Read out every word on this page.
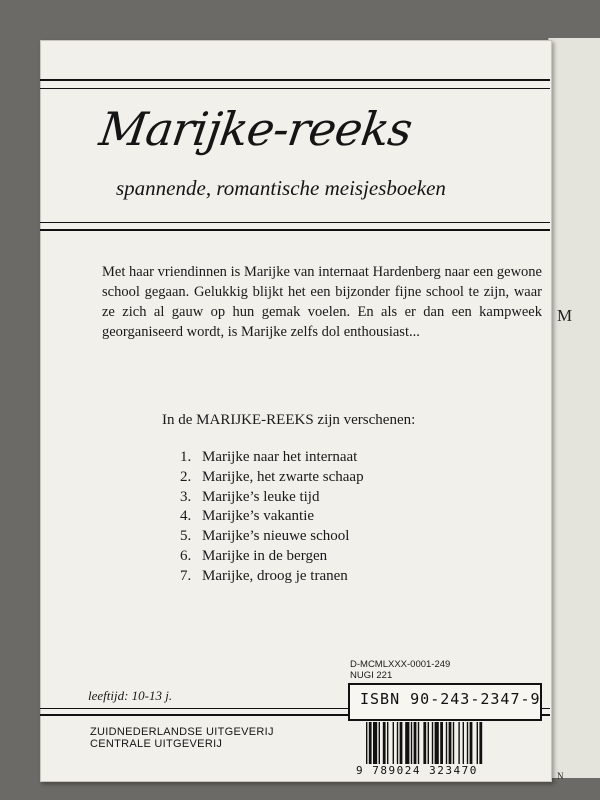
M
N
Marijke-reeks
spannende, romantische meisjesboeken
Met haar vriendinnen is Marijke van internaat Hardenberg naar een gewone school gegaan. Gelukkig blijkt het een bijzonder fijne school te zijn, waar ze zich al gauw op hun gemak voelen. En als er dan een kampweek georganiseerd wordt, is Marijke zelfs dol enthousiast...
In de MARIJKE-REEKS zijn verschenen:
1. Marijke naar het internaat
2. Marijke, het zwarte schaap
3. Marijke’s leuke tijd
4. Marijke’s vakantie
5. Marijke’s nieuwe school
6. Marijke in de bergen
7. Marijke, droog je tranen
D-MCMLXXX-0001-249
NUGI 221
leeftijd: 10-13 j.	ISBN 90-243-2347-9
9 789024 323470
ZUIDNEDERLANDSE UITGEVERIJ
CENTRALE UITGEVERIJ
